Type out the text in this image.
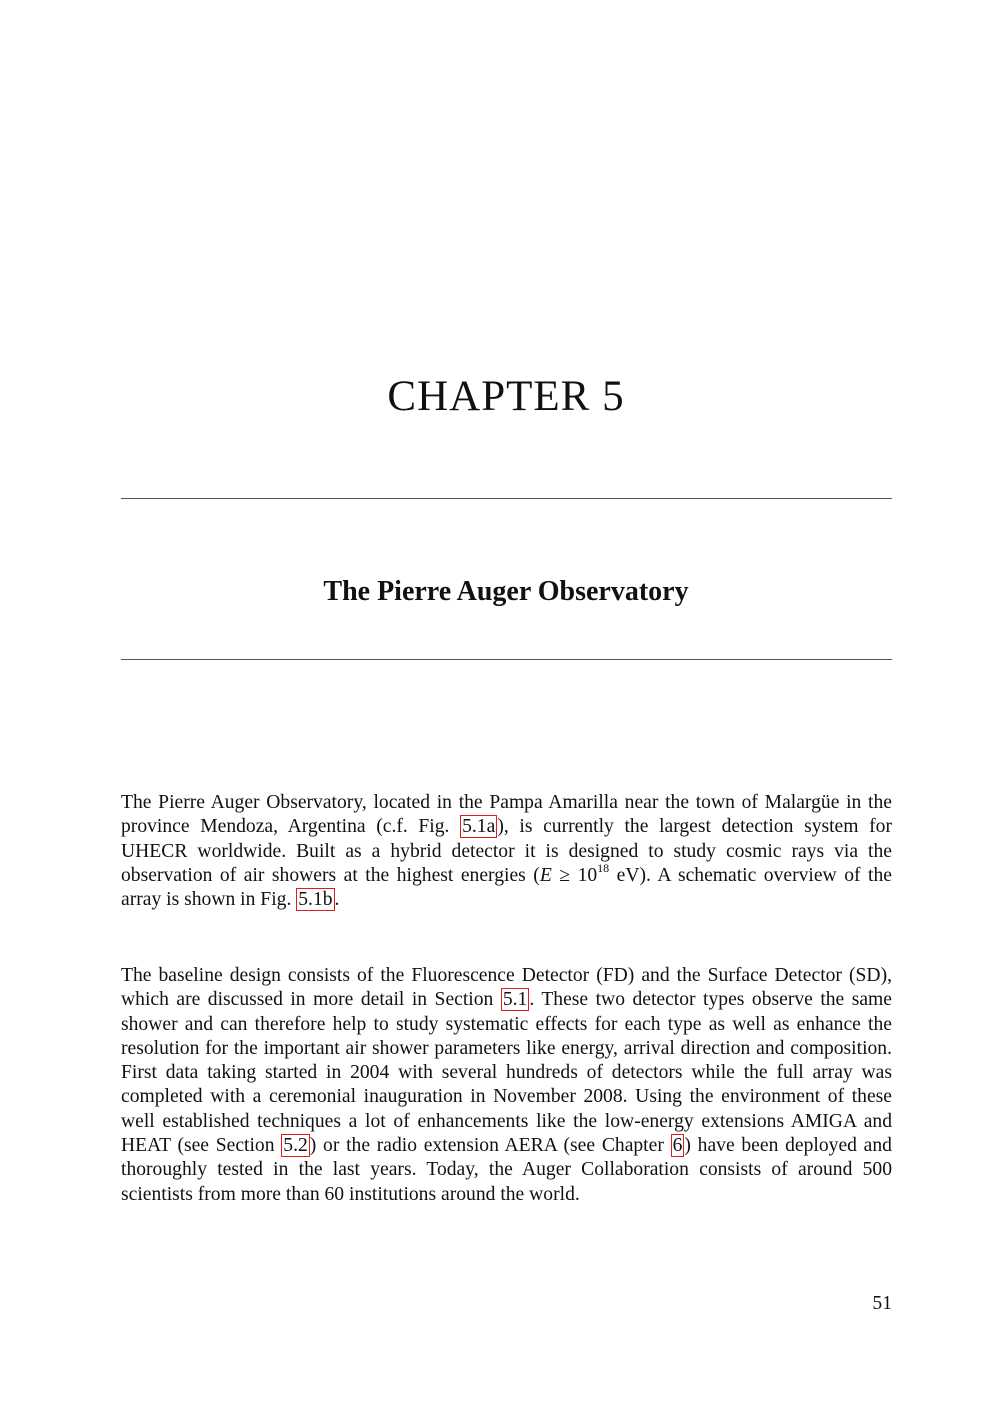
CHAPTER 5
The Pierre Auger Observatory

The Pierre Auger Observatory, located in the Pampa Amarilla near the town of Malargüe in the province Mendoza, Argentina (c.f. Fig. 5.1a ), is currently the largest detection system for UHECR worldwide. Built as a hybrid detector it is designed to study cosmic rays via the observation of air showers at the highest energies ($E \ge 10^{18}$ eV). A schematic overview of the array is shown in Fig. 5.1b .

The baseline design consists of the Fluorescence Detector (FD) and the Surface Detector (SD), which are discussed in more detail in Section 5.1 . These two detector types observe the same shower and can therefore help to study systematic effects for each type as well as enhance the resolution for the important air shower parameters like energy, arrival direction and composition. First data taking started in 2004 with several hundreds of detectors while the full array was completed with a ceremonial inauguration in November 2008. Using the environment of these well established techniques a lot of enhancements like the low-energy extensions AMIGA and HEAT (see Section 5.2 ) or the radio extension AERA (see Chapter 6 ) have been deployed and thoroughly tested in the last years. Today, the Auger Collaboration consists of around 500 scientists from more than 60 institutions around the world.

51
